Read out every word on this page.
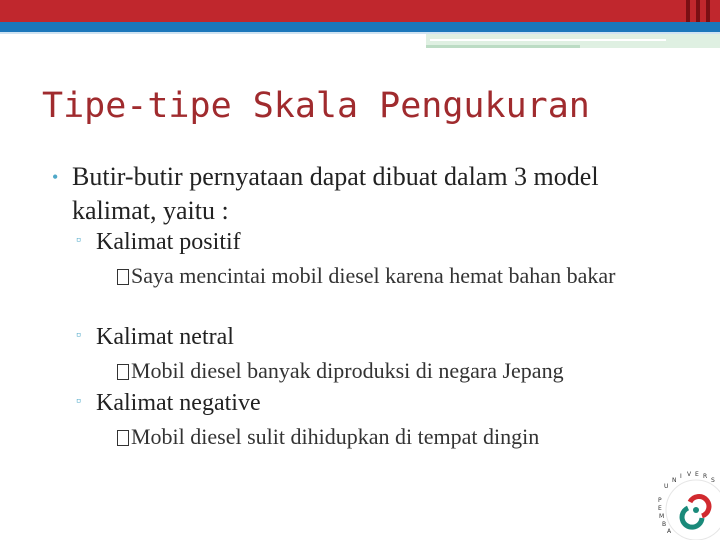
Tipe-tipe Skala Pengukuran
• Butir-butir pernyataan dapat dibuat dalam 3 model kalimat, yaitu :
▫ Kalimat positif
Saya mencintai mobil diesel karena hemat bahan bakar
▫ Kalimat netral
Mobil diesel banyak diproduksi di negara Jepang
▫ Kalimat negative
Mobil diesel sulit dihidupkan di tempat dingin
U
N
I V E R
S
P
E
M
B
A
